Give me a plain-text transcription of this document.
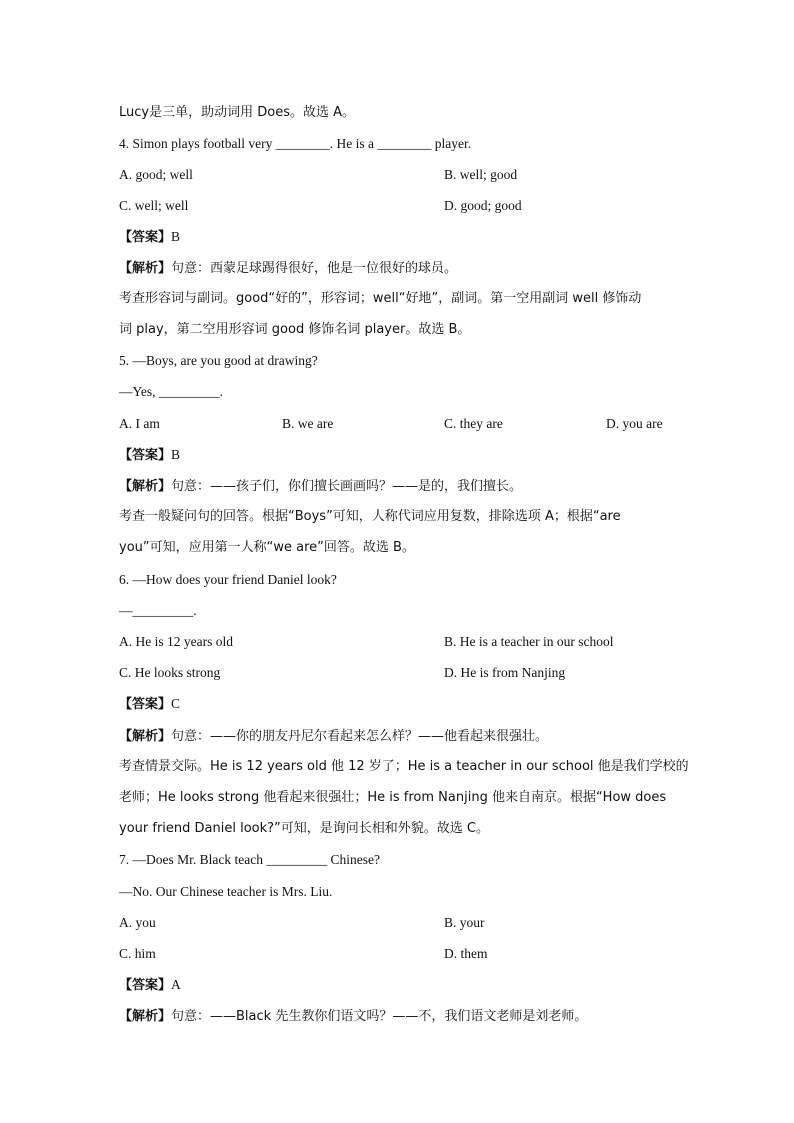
Lucy是三单，助动词用 Does。故选 A。
4. Simon plays football very ________. He is a ________ player.
A. good; well	B. well; good
C. well; well	D. good; good
【答案】B
【解析】句意：西蒙足球踢得很好，他是一位很好的球员。
考查形容词与副词。good“好的”，形容词；well“好地”，副词。第一空用副词 well 修饰动
词 play，第二空用形容词 good 修饰名词 player。故选 B。
5. —Boys, are you good at drawing?
—Yes, _________.
A. I am	B. we are	C. they are	D. you are
【答案】B
【解析】句意：——孩子们，你们擅长画画吗？——是的，我们擅长。
考查一般疑问句的回答。根据“Boys”可知，人称代词应用复数，排除选项 A；根据“are
you”可知，应用第一人称“we are”回答。故选 B。
6. —How does your friend Daniel look?
—_________.
A. He is 12 years old	B. He is a teacher in our school
C. He looks strong	D. He is from Nanjing
【答案】C
【解析】句意：——你的朋友丹尼尔看起来怎么样？——他看起来很强壮。
考查情景交际。He is 12 years old 他 12 岁了；He is a teacher in our school 他是我们学校的
老师；He looks strong 他看起来很强壮；He is from Nanjing 他来自南京。根据“How does
your friend Daniel look?”可知，是询问长相和外貌。故选 C。
7. —Does Mr. Black teach _________ Chinese?
—No. Our Chinese teacher is Mrs. Liu.
A. you	B. your
C. him	D. them
【答案】A
【解析】句意：——Black 先生教你们语文吗？——不，我们语文老师是刘老师。
